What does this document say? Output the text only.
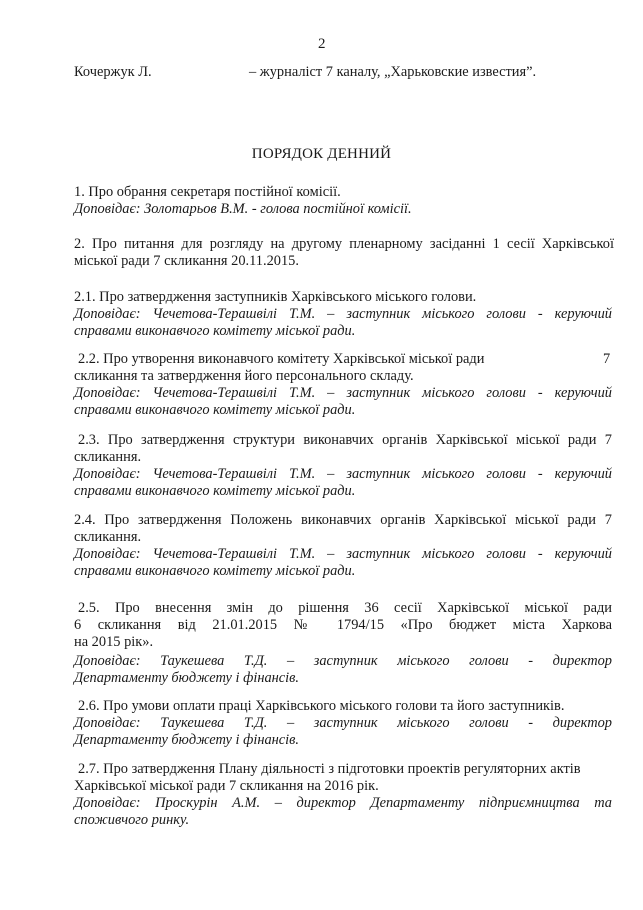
2
Кочержук Л.	– журналіст 7 каналу, „Харьковские известия”.
ПОРЯДОК ДЕННИЙ
1. Про обрання секретаря постійної комісії.
Доповідає: Золотарьов В.М. - голова постійної комісії.
2. Про питання для розгляду на другому пленарному засіданні 1 сесії Харківської
міської ради 7 скликання 20.11.2015.
2.1. Про затвердження заступників Харківського міського голови.
Доповідає: Чечетова-Терашвілі Т.М. – заступник міського голови - керуючий
справами виконавчого комітету міської ради.
2.2. Про утворення виконавчого комітету Харківської міської ради	7
скликання та затвердження його персонального складу.
Доповідає: Чечетова-Терашвілі Т.М. – заступник міського голови - керуючий
справами виконавчого комітету міської ради.
2.3. Про затвердження структури виконавчих органів Харківської міської ради 7
скликання.
Доповідає: Чечетова-Терашвілі Т.М. – заступник міського голови - керуючий
справами виконавчого комітету міської ради.
2.4. Про затвердження Положень виконавчих органів Харківської міської ради 7
скликання.
Доповідає: Чечетова-Терашвілі Т.М. – заступник міського голови - керуючий
справами виконавчого комітету міської ради.
2.5. Про внесення змін до рішення 36 сесії Харківської міської ради
6 скликання від 21.01.2015 № 1794/15 «Про бюджет міста Харкова
на 2015 рік».
Доповідає: Таукешева Т.Д. – заступник міського голови - директор
Департаменту бюджету і фінансів.
2.6. Про умови оплати праці Харківського міського голови та його заступників.
Доповідає: Таукешева Т.Д. – заступник міського голови - директор
Департаменту бюджету і фінансів.
2.7. Про затвердження Плану діяльності з підготовки проектів регуляторних актів
Харківської міської ради 7 скликання на 2016 рік.
Доповідає: Проскурін А.М. – директор Департаменту підприємництва та
споживчого ринку.
